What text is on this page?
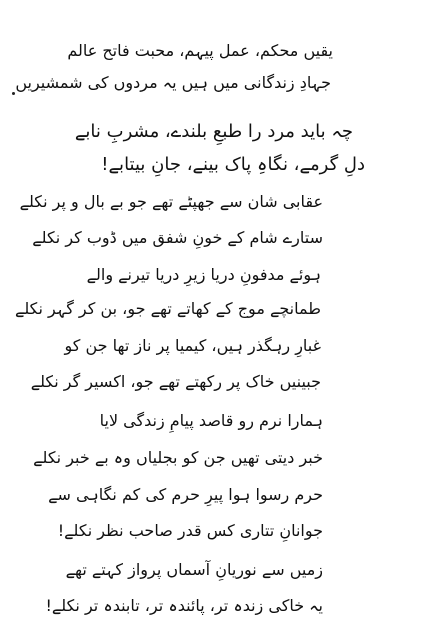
یقیں محکم، عمل پیہم، محبت فاتح عالم
جہادِ زندگانی میں ہیں یہ مردوں کی شمشیریں
چہ باید مرد را طبعِ بلندے، مشربِ نابے
دلِ گرمے، نگاہِ پاک بینے، جانِ بیتابے!
عقابی شان سے جھپٹے تھے جو بے بال و پر نکلے
ستارے شام کے خونِ شفق میں ڈوب کر نکلے
ہوئے مدفونِ دریا زیرِ دریا تیرنے والے
طمانچے موج کے کھاتے تھے جو، بن کر گہر نکلے
غبارِ رہگذر ہیں، کیمیا پر ناز تھا جن کو
جبینیں خاک پر رکھتے تھے جو، اکسیر گر نکلے
ہمارا نرم رو قاصد پیامِ زندگی لایا
خبر دیتی تھیں جن کو بجلیاں وہ بے خبر نکلے
حرم رسوا ہوا پیرِ حرم کی کم نگاہی سے
جوانانِ تتاری کس قدر صاحب نظر نکلے!
زمیں سے نوریانِ آسماں پرواز کہتے تھے
یہ خاکی زندہ تر، پائندہ تر، تابندہ تر نکلے!
